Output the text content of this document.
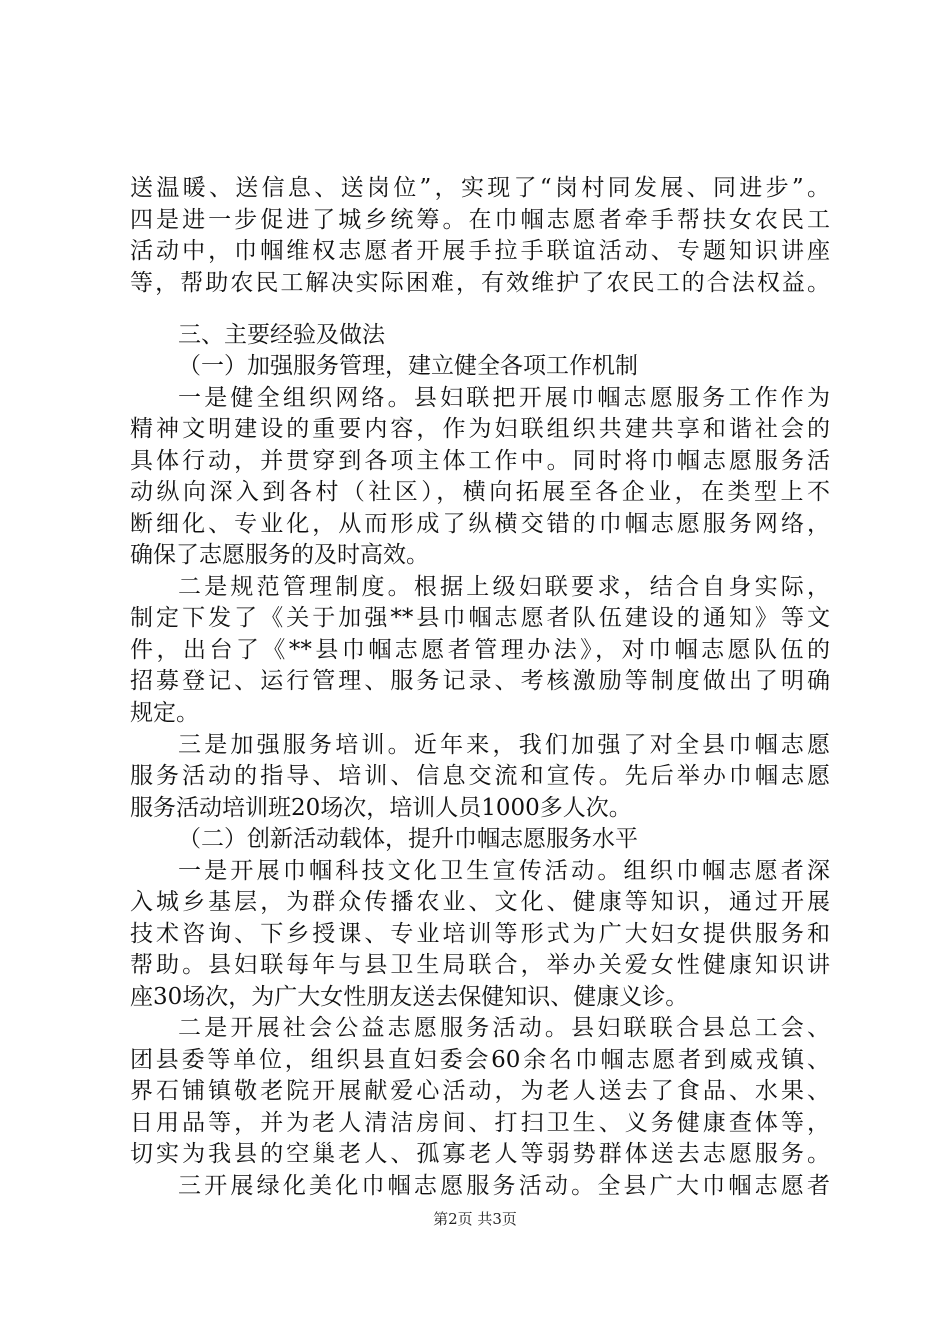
送温暖、送信息、送岗位”，实现了“岗村同发展、同进步”。
四是进一步促进了城乡统筹。在巾帼志愿者牵手帮扶女农民工
活动中，巾帼维权志愿者开展手拉手联谊活动、专题知识讲座
等，帮助农民工解决实际困难，有效维护了农民工的合法权益。
三、主要经验及做法
（一）加强服务管理，建立健全各项工作机制
一是健全组织网络。县妇联把开展巾帼志愿服务工作作为
精神文明建设的重要内容，作为妇联组织共建共享和谐社会的
具体行动，并贯穿到各项主体工作中。同时将巾帼志愿服务活
动纵向深入到各村（社区），横向拓展至各企业，在类型上不
断细化、专业化，从而形成了纵横交错的巾帼志愿服务网络，
确保了志愿服务的及时高效。
二是规范管理制度。根据上级妇联要求，结合自身实际，
制定下发了《关于加强**县巾帼志愿者队伍建设的通知》等文
件，出台了《**县巾帼志愿者管理办法》，对巾帼志愿队伍的
招募登记、运行管理、服务记录、考核激励等制度做出了明确
规定。
三是加强服务培训。近年来，我们加强了对全县巾帼志愿
服务活动的指导、培训、信息交流和宣传。先后举办巾帼志愿
服务活动培训班20场次，培训人员1000多人次。
（二）创新活动载体，提升巾帼志愿服务水平
一是开展巾帼科技文化卫生宣传活动。组织巾帼志愿者深
入城乡基层，为群众传播农业、文化、健康等知识，通过开展
技术咨询、下乡授课、专业培训等形式为广大妇女提供服务和
帮助。县妇联每年与县卫生局联合，举办关爱女性健康知识讲
座30场次，为广大女性朋友送去保健知识、健康义诊。
二是开展社会公益志愿服务活动。县妇联联合县总工会、
团县委等单位，组织县直妇委会60余名巾帼志愿者到威戎镇、
界石铺镇敬老院开展献爱心活动，为老人送去了食品、水果、
日用品等，并为老人清洁房间、打扫卫生、义务健康查体等，
切实为我县的空巢老人、孤寡老人等弱势群体送去志愿服务。
三开展绿化美化巾帼志愿服务活动。全县广大巾帼志愿者
第2页 共3页
